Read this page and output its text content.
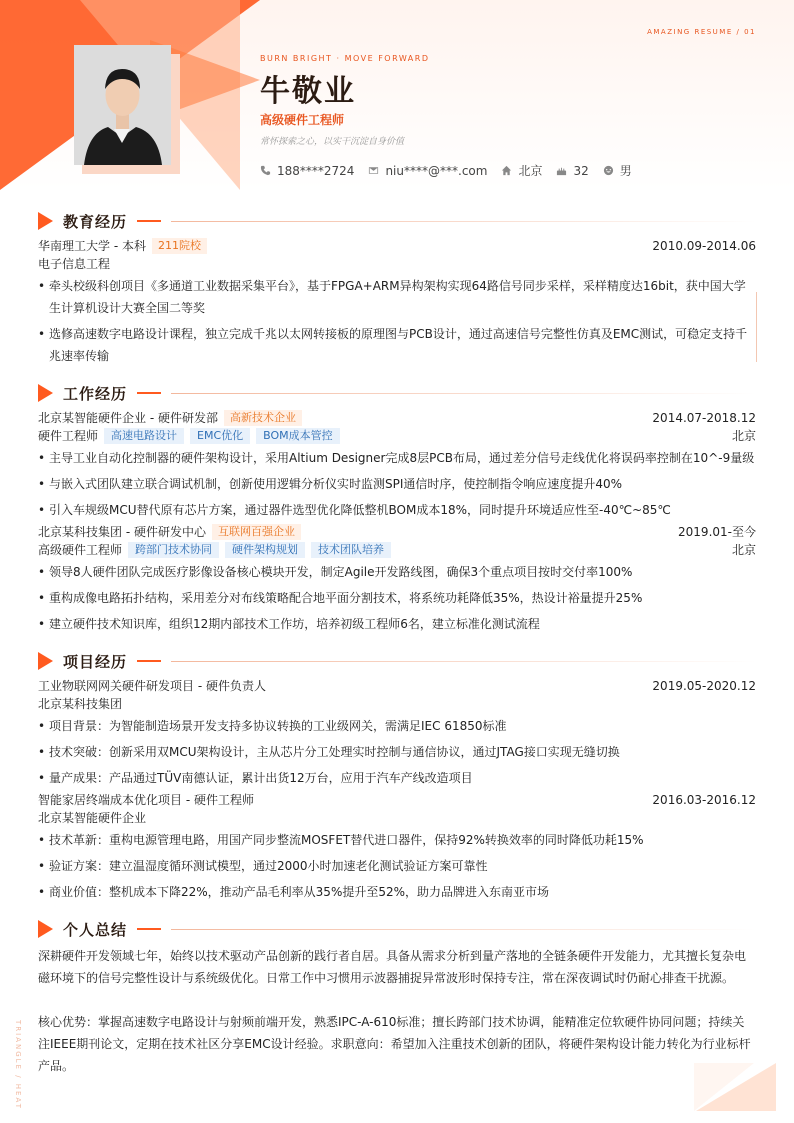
AMAZING RESUME / 01
BURN BRIGHT · MOVE FORWARD
牛敬业
高级硬件工程师
常怀探索之心，以实干沉淀自身价值
188****2724	niu****@***.com	北京	32	男
教育经历
华南理工大学 - 本科	211院校	2010.09-2014.06
电子信息工程
• 牵头校级科创项目《多通道工业数据采集平台》，基于FPGA+ARM异构架构实现64路信号同步采样，采样精度达16bit，获中国大学生计算机设计大赛全国二等奖
• 选修高速数字电路设计课程，独立完成千兆以太网转接板的原理图与PCB设计，通过高速信号完整性仿真及EMC测试，可稳定支持千兆速率传输
工作经历
北京某智能硬件企业 - 硬件研发部	高新技术企业	2014.07-2018.12
硬件工程师	高速电路设计	EMC优化	BOM成本管控	北京
• 主导工业自动化控制器的硬件架构设计，采用Altium Designer完成8层PCB布局，通过差分信号走线优化将误码率控制在10^-9量级
• 与嵌入式团队建立联合调试机制，创新使用逻辑分析仪实时监测SPI通信时序，使控制指令响应速度提升40%
• 引入车规级MCU替代原有芯片方案，通过器件选型优化降低整机BOM成本18%，同时提升环境适应性至-40℃~85℃
北京某科技集团 - 硬件研发中心	互联网百强企业	2019.01-至今
高级硬件工程师	跨部门技术协同	硬件架构规划	技术团队培养	北京
• 领导8人硬件团队完成医疗影像设备核心模块开发，制定Agile开发路线图，确保3个重点项目按时交付率100%
• 重构成像电路拓扑结构，采用差分对布线策略配合地平面分割技术，将系统功耗降低35%，热设计裕量提升25%
• 建立硬件技术知识库，组织12期内部技术工作坊，培养初级工程师6名，建立标准化测试流程
项目经历
工业物联网网关硬件研发项目 - 硬件负责人	2019.05-2020.12
北京某科技集团
• 项目背景：为智能制造场景开发支持多协议转换的工业级网关，需满足IEC 61850标准
• 技术突破：创新采用双MCU架构设计，主从芯片分工处理实时控制与通信协议，通过JTAG接口实现无缝切换
• 量产成果：产品通过TÜV南德认证，累计出货12万台，应用于汽车产线改造项目
智能家居终端成本优化项目 - 硬件工程师	2016.03-2016.12
北京某智能硬件企业
• 技术革新：重构电源管理电路，用国产同步整流MOSFET替代进口器件，保持92%转换效率的同时降低功耗15%
• 验证方案：建立温湿度循环测试模型，通过2000小时加速老化测试验证方案可靠性
• 商业价值：整机成本下降22%，推动产品毛利率从35%提升至52%，助力品牌进入东南亚市场
个人总结

深耕硬件开发领域七年，始终以技术驱动产品创新的践行者自居。具备从需求分析到量产落地的全链条硬件开发能力，尤其擅长复杂电磁环境下的信号完整性设计与系统级优化。日常工作中习惯用示波器捕捉异常波形时保持专注，常在深夜调试时仍耐心排查干扰源。

核心优势：掌握高速数字电路设计与射频前端开发，熟悉IPC-A-610标准；擅长跨部门技术协调，能精准定位软硬件协同问题；持续关注IEEE期刊论文，定期在技术社区分享EMC设计经验。求职意向：希望加入注重技术创新的团队，将硬件架构设计能力转化为行业标杆产品。

TRIANGLE / HEAT
